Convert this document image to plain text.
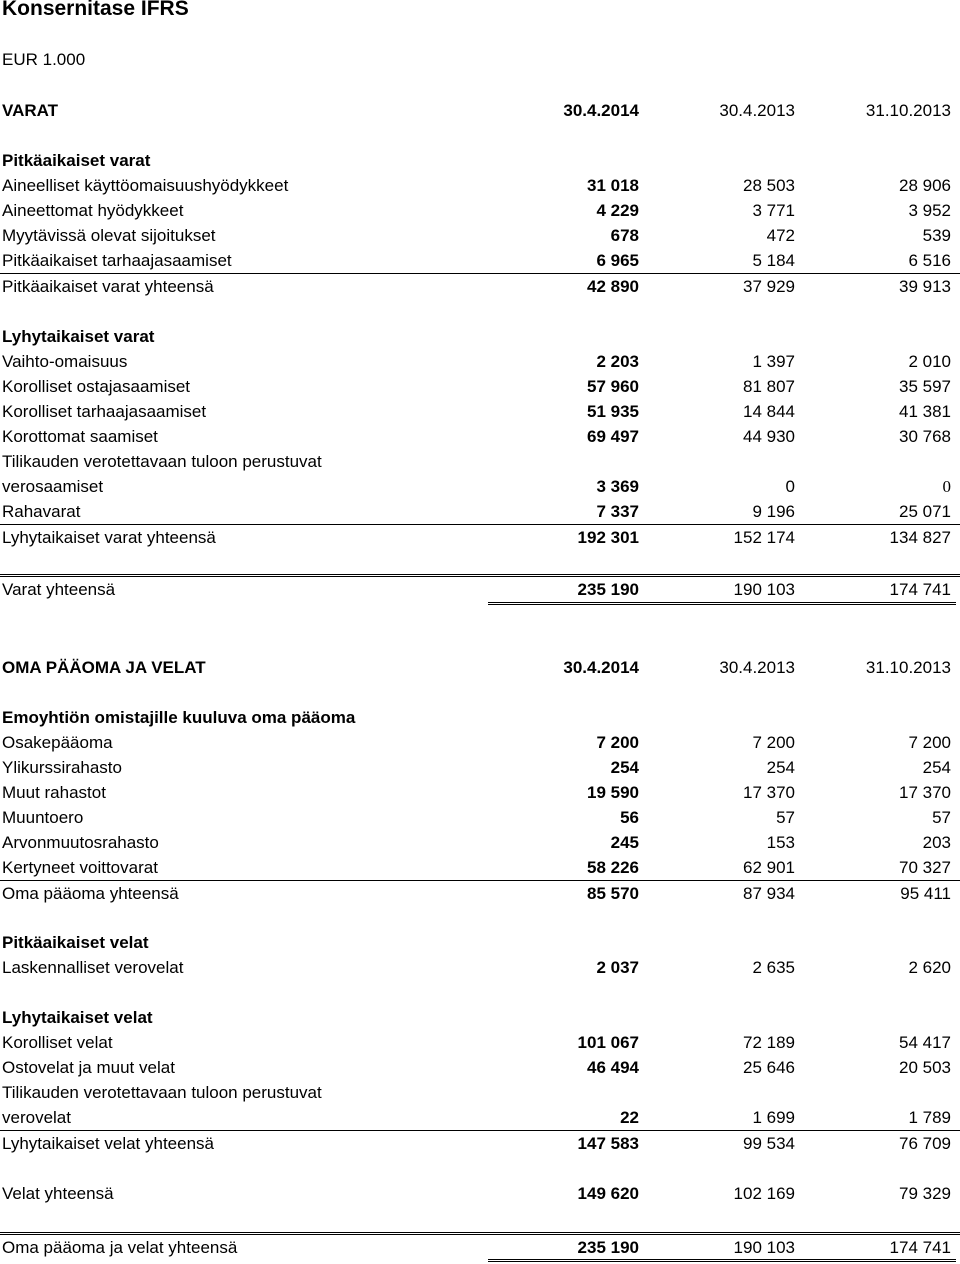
Konsernitase IFRS
EUR 1.000
VARAT	30.4.2014	30.4.2013	31.10.2013
Pitkäaikaiset varat
Aineelliset käyttöomaisuushyödykkeet	31 018	28 503	28 906
Aineettomat hyödykkeet	4 229	3 771	3 952
Myytävissä olevat sijoitukset	678	472	539
Pitkäaikaiset tarhaajasaamiset	6 965	5 184	6 516
Pitkäaikaiset varat yhteensä	42 890	37 929	39 913
Lyhytaikaiset varat
Vaihto-omaisuus	2 203	1 397	2 010
Korolliset ostajasaamiset	57 960	81 807	35 597
Korolliset tarhaajasaamiset	51 935	14 844	41 381
Korottomat saamiset	69 497	44 930	30 768
Tilikauden verotettavaan tuloon perustuvat
verosaamiset	3 369	0	0
Rahavarat	7 337	9 196	25 071
Lyhytaikaiset varat yhteensä	192 301	152 174	134 827
Varat yhteensä	235 190	190 103	174 741
OMA PÄÄOMA JA VELAT	30.4.2014	30.4.2013	31.10.2013
Emoyhtiön omistajille kuuluva oma pääoma
Osakepääoma	7 200	7 200	7 200
Ylikurssirahasto	254	254	254
Muut rahastot	19 590	17 370	17 370
Muuntoero	56	57	57
Arvonmuutosrahasto	245	153	203
Kertyneet voittovarat	58 226	62 901	70 327
Oma pääoma yhteensä	85 570	87 934	95 411
Pitkäaikaiset velat
Laskennalliset verovelat	2 037	2 635	2 620
Lyhytaikaiset velat
Korolliset velat	101 067	72 189	54 417
Ostovelat ja muut velat	46 494	25 646	20 503
Tilikauden verotettavaan tuloon perustuvat
verovelat	22	1 699	1 789
Lyhytaikaiset velat yhteensä	147 583	99 534	76 709
Velat yhteensä	149 620	102 169	79 329
Oma pääoma ja velat yhteensä	235 190	190 103	174 741
